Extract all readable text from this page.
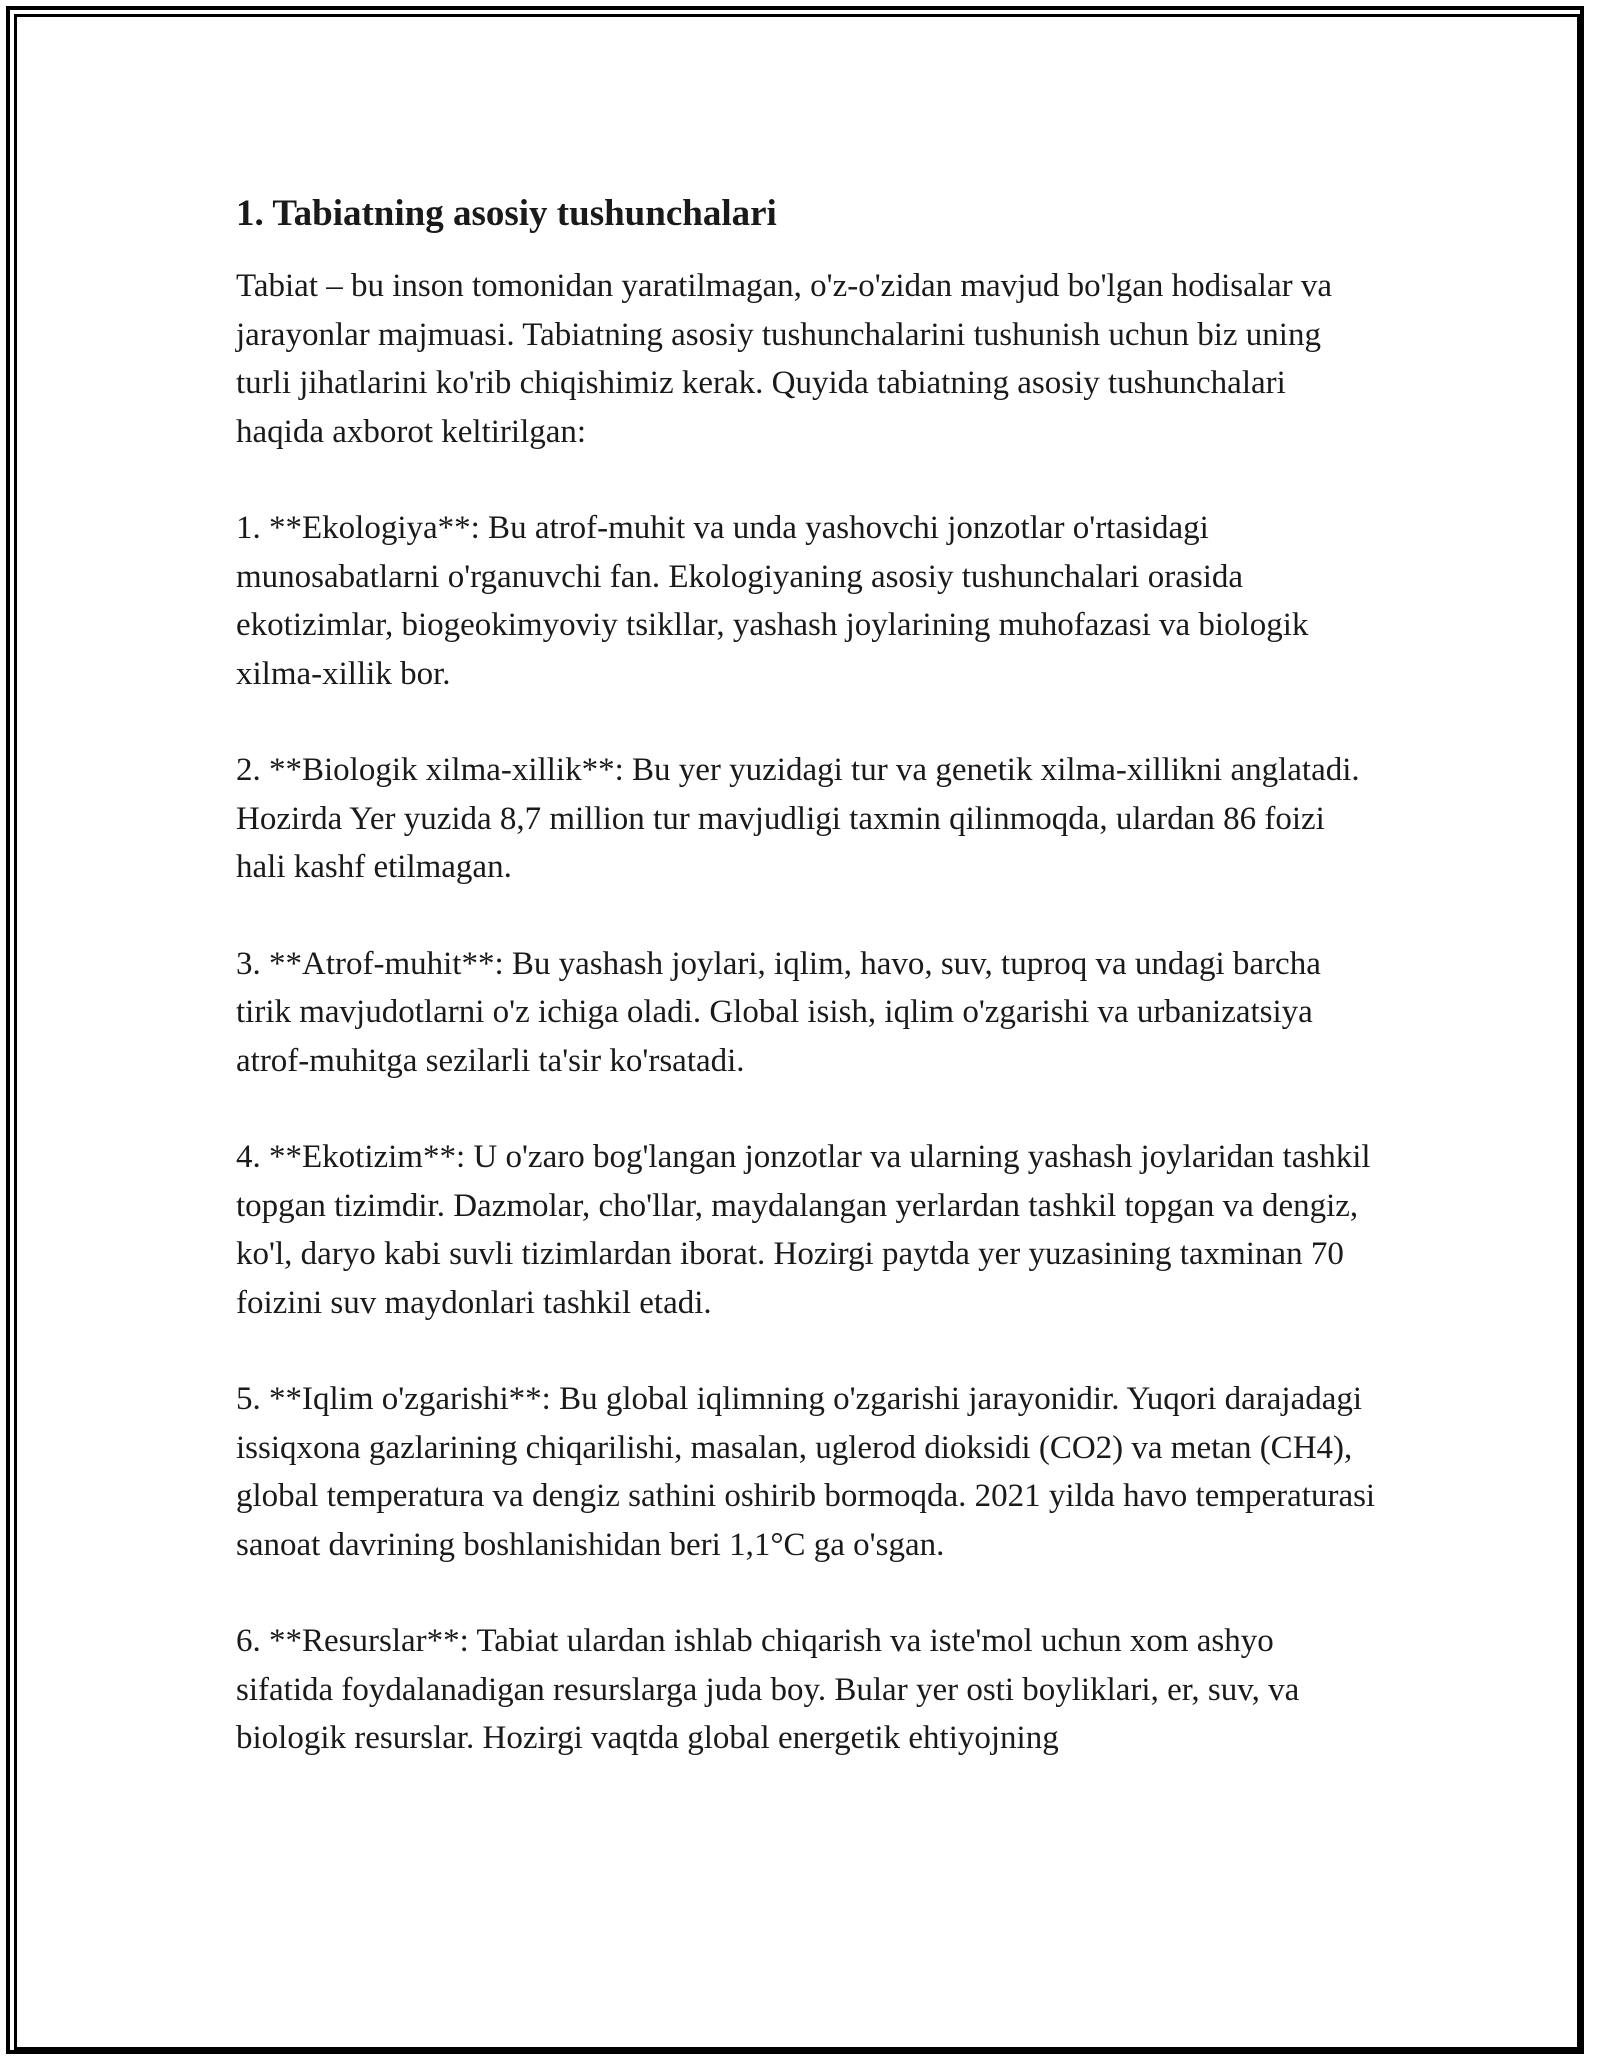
1. Tabiatning asosiy tushunchalari

Tabiat – bu inson tomonidan yaratilmagan, o'z-o'zidan mavjud bo'lgan hodisalar va jarayonlar majmuasi. Tabiatning asosiy tushunchalarini tushunish uchun biz uning turli jihatlarini ko'rib chiqishimiz kerak. Quyida tabiatning asosiy tushunchalari haqida axborot keltirilgan:

1. **Ekologiya**: Bu atrof-muhit va unda yashovchi jonzotlar o'rtasidagi munosabatlarni o'rganuvchi fan. Ekologiyaning asosiy tushunchalari orasida ekotizimlar, biogeokimyoviy tsikllar, yashash joylarining muhofazasi va biologik xilma-xillik bor.

2. **Biologik xilma-xillik**: Bu yer yuzidagi tur va genetik xilma-xillikni anglatadi. Hozirda Yer yuzida 8,7 million tur mavjudligi taxmin qilinmoqda, ulardan 86 foizi hali kashf etilmagan.

3. **Atrof-muhit**: Bu yashash joylari, iqlim, havo, suv, tuproq va undagi barcha tirik mavjudotlarni o'z ichiga oladi. Global isish, iqlim o'zgarishi va urbanizatsiya atrof-muhitga sezilarli ta'sir ko'rsatadi.

4. **Ekotizim**: U o'zaro bog'langan jonzotlar va ularning yashash joylaridan tashkil topgan tizimdir. Dazmolar, cho'llar, maydalangan yerlardan tashkil topgan va dengiz, ko'l, daryo kabi suvli tizimlardan iborat. Hozirgi paytda yer yuzasining taxminan 70 foizini suv maydonlari tashkil etadi.

5. **Iqlim o'zgarishi**: Bu global iqlimning o'zgarishi jarayonidir. Yuqori darajadagi issiqxona gazlarining chiqarilishi, masalan, uglerod dioksidi (CO2) va metan (CH4), global temperatura va dengiz sathini oshirib bormoqda. 2021 yilda havo temperaturasi sanoat davrining boshlanishidan beri 1,1°C ga o'sgan.

6. **Resurslar**: Tabiat ulardan ishlab chiqarish va iste'mol uchun xom ashyo sifatida foydalanadigan resurslarga juda boy. Bular yer osti boyliklari, er, suv, va biologik resurslar. Hozirgi vaqtda global energetik ehtiyojning
